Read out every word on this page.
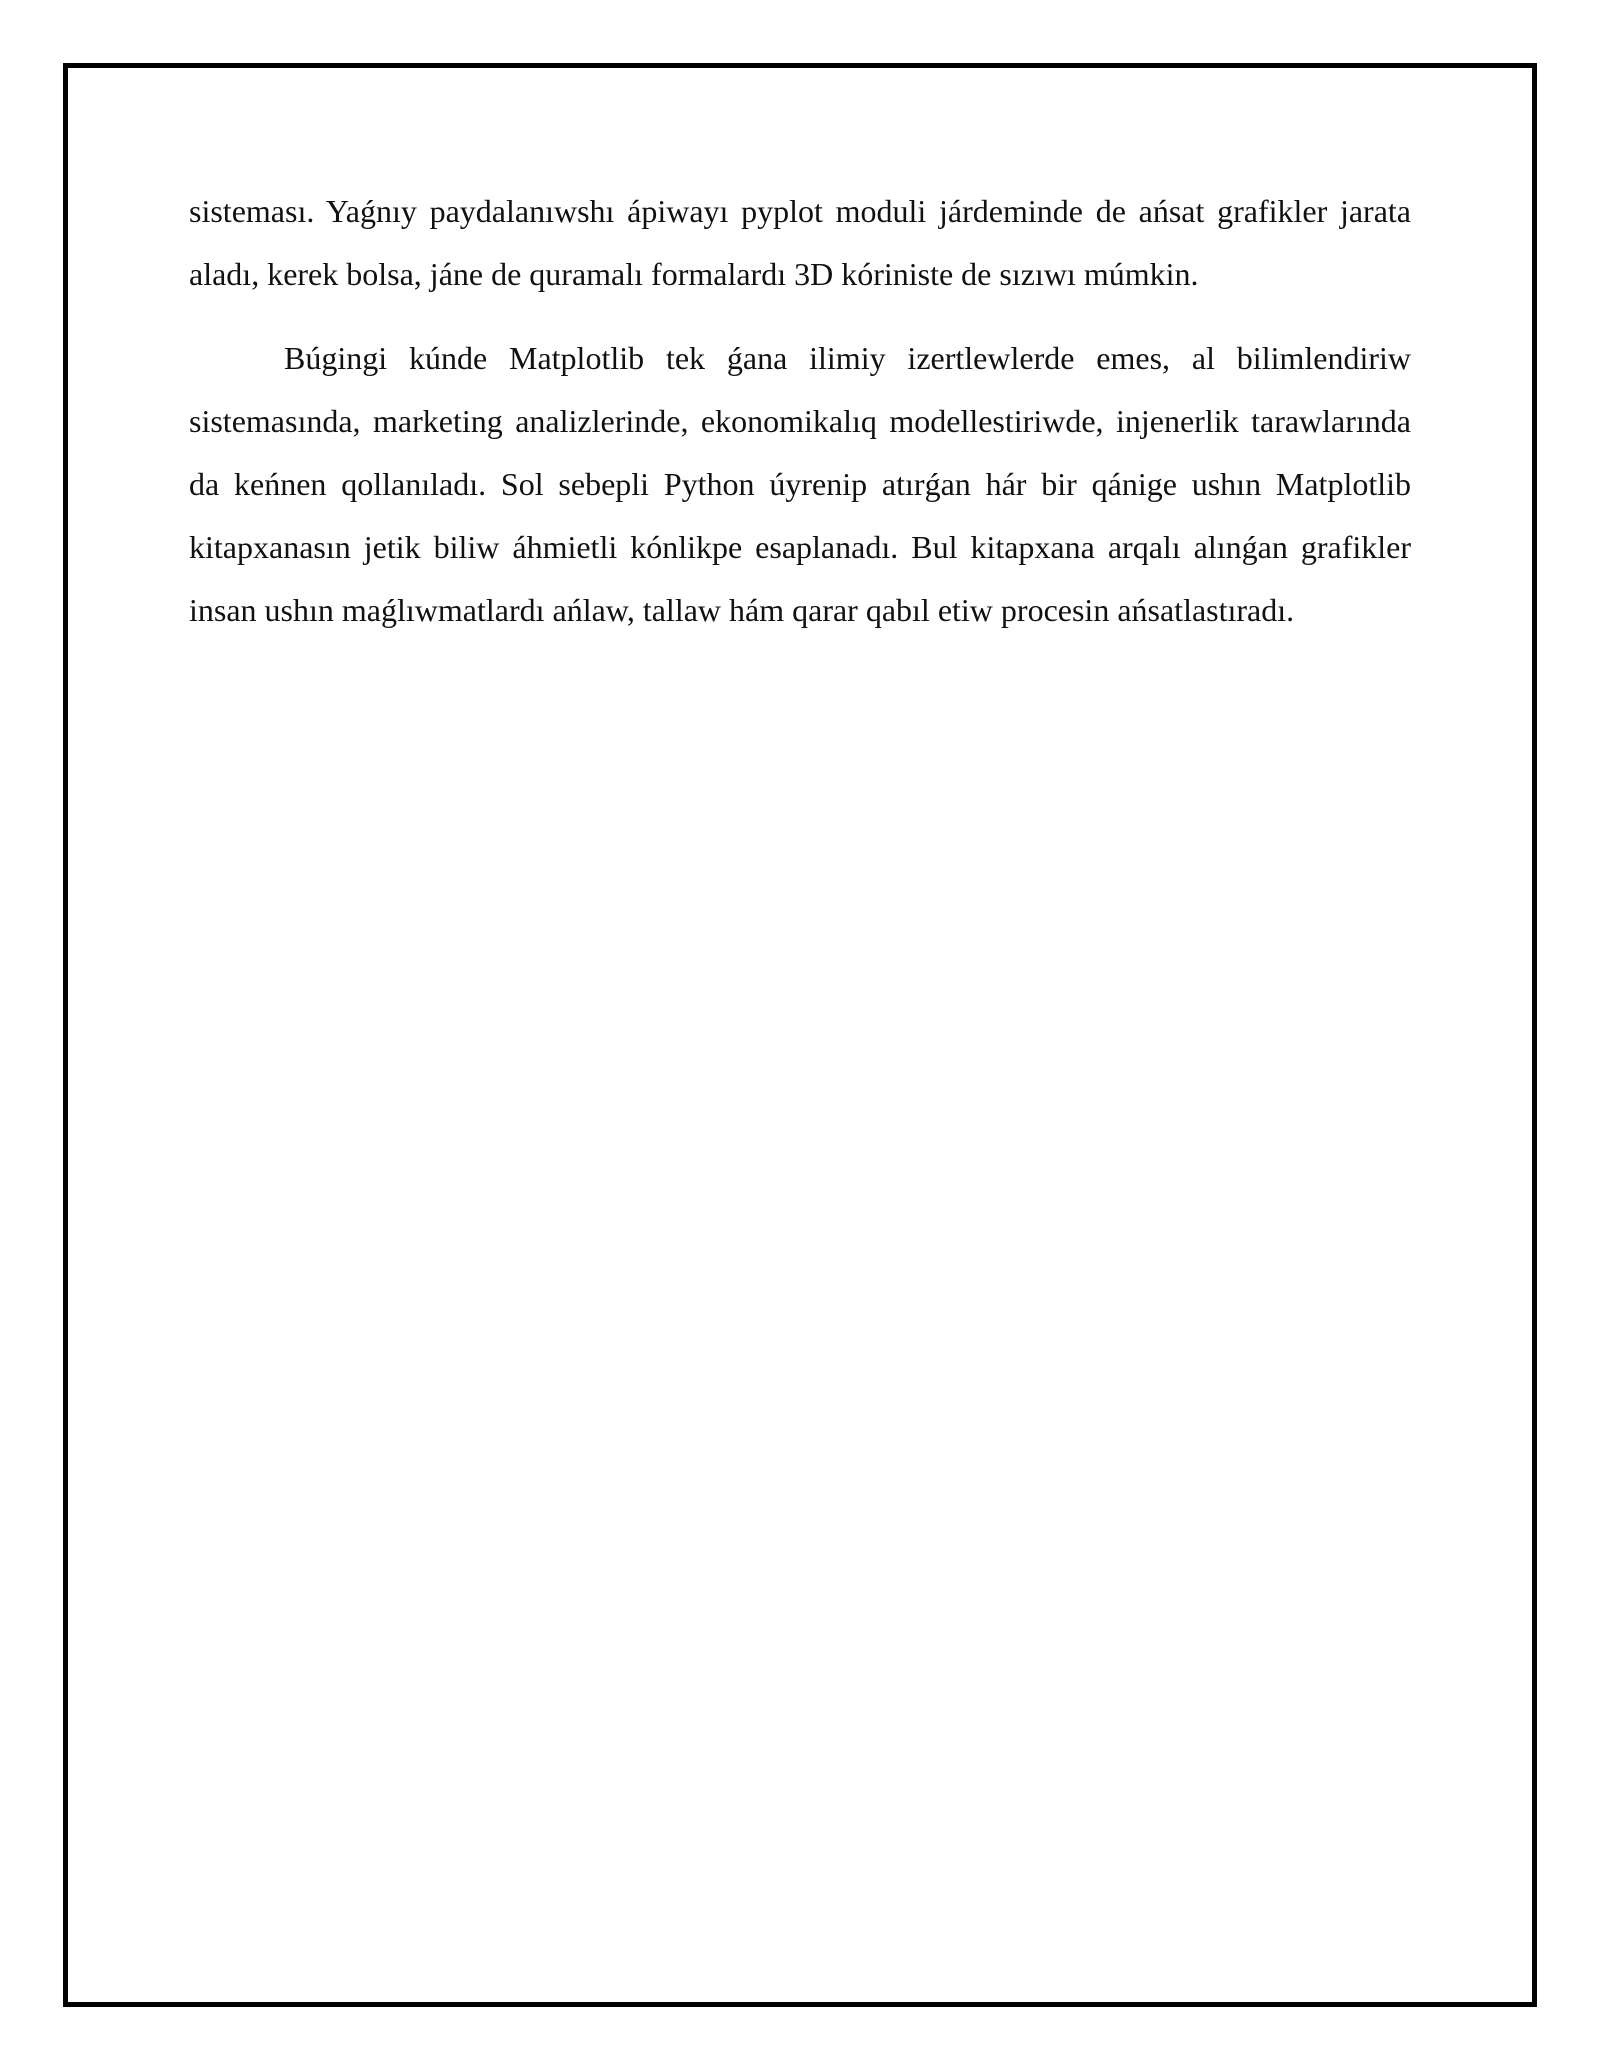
sisteması. Yaǵnıy paydalanıwshı ápiwayı pyplot moduli járdeminde de ańsat grafikler jarata aladı, kerek bolsa, jáne de quramalı formalardı 3D kóriniste de sızıwı múmkin.

Búgingi kúnde Matplotlib tek ǵana ilimiy izertlewlerde emes, al bilimlendiriw sistemasında, marketing analizlerinde, ekonomikalıq modellestiriwde, injenerlik tarawlarında da keńnen qollanıladı. Sol sebepli Python úyrenip atırǵan hár bir qánige ushın Matplotlib kitapxanasın jetik biliw áhmietli kónlikpe esaplanadı. Bul kitapxana arqalı alınǵan grafikler insan ushın maǵlıwmatlardı ańlaw, tallaw hám qarar qabıl etiw procesin ańsatlastıradı.
